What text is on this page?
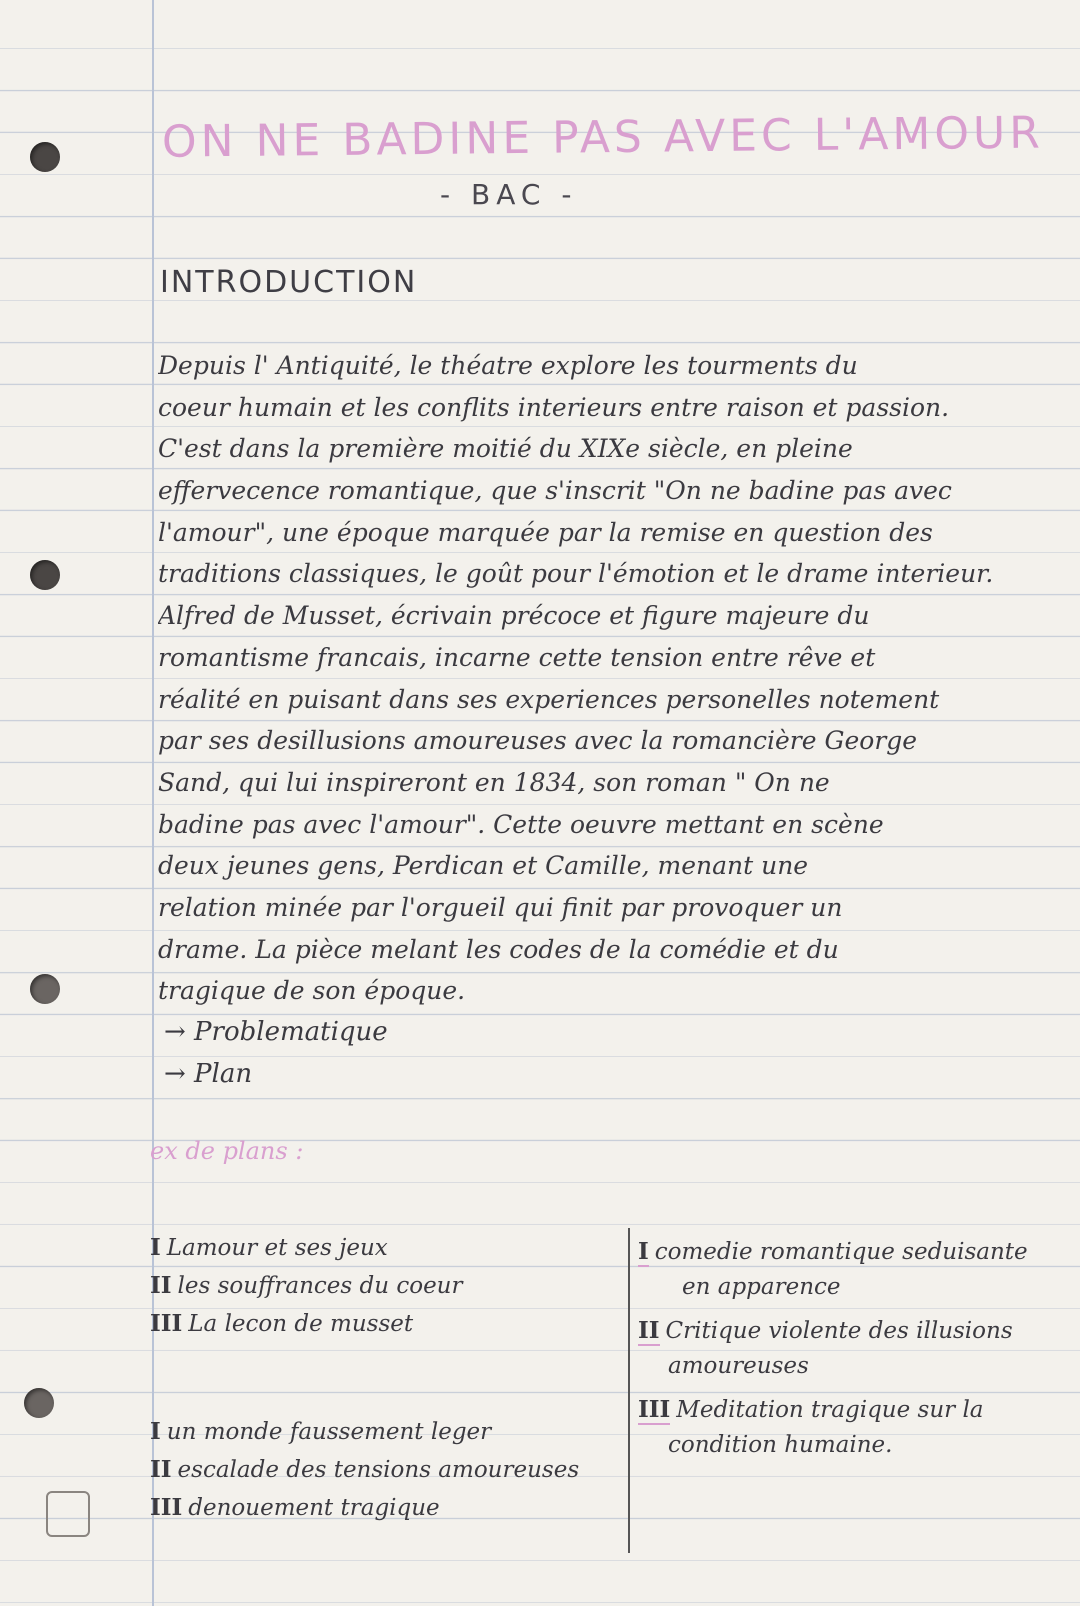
ON NE BADINE PAS AVEC L'AMOUR
- BAC -
INTRODUCTION
Depuis l' Antiquité, le théatre explore les tourments du
coeur humain et les conflits interieurs entre raison et passion.
C'est dans la première moitié du XIXe siècle, en pleine
effervecence romantique, que s'inscrit "On ne badine pas avec
l'amour", une époque marquée par la remise en question des
traditions classiques, le goût pour l'émotion et le drame interieur.
Alfred de Musset, écrivain précoce et figure majeure du
romantisme francais, incarne cette tension entre rêve et
réalité en puisant dans ses experiences personelles notement
par ses desillusions amoureuses avec la romancière George
Sand, qui lui inspireront en 1834, son roman " On ne
badine pas avec l'amour". Cette oeuvre mettant en scène
deux jeunes gens, Perdican et Camille, menant une
relation minée par l'orgueil qui finit par provoquer un
drame. La pièce melant les codes de la comédie et du
tragique de son époque.
→ Problematique
→ Plan
ex de plans :
I Lamour et ses jeux
II les souffrances du coeur
III La lecon de musset
I un monde faussement leger
II escalade des tensions amoureuses
III denouement tragique
I comedie romantique seduisante
en apparence
II Critique violente des illusions
amoureuses
III Meditation tragique sur la
condition humaine.
